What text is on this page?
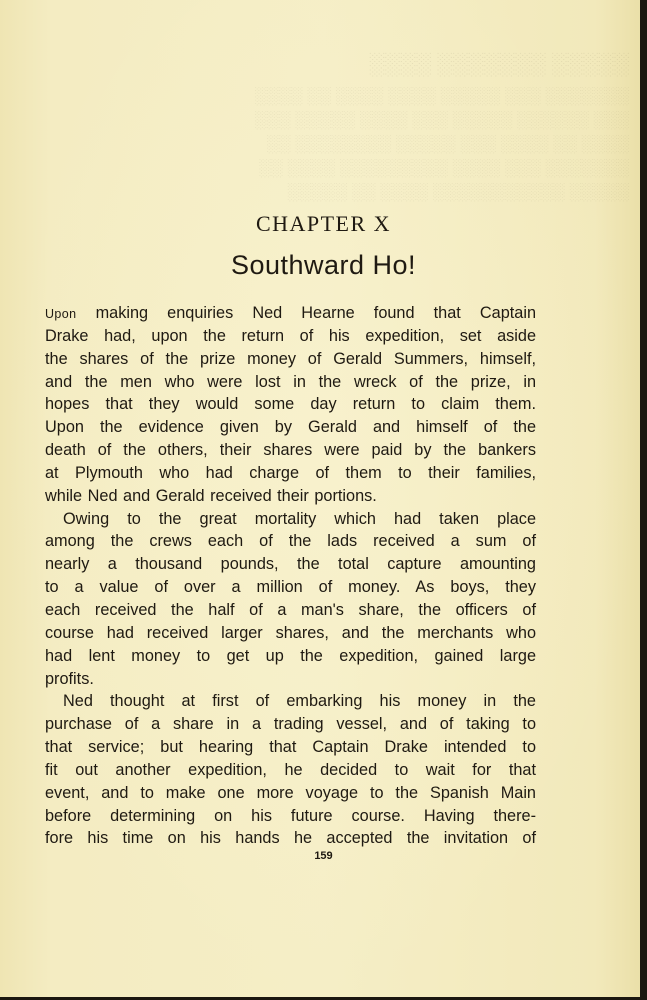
░░░░░ ░░░░░░░ ░░░░
░░░░░░░ ░░░ ░░░░░ ░░░░ ░░░░ ░░ ░░░░
░░░ ░░░░░░ ░░░░░ ░░░ ░░░░ ░░░░░ ░░░
░░░░ ░░ ░░░░ ░░░ ░░░░░ ░░░░░░░░ ░░
░░░░░░░ ░░░ ░░░░ ░░░░░░░░░ ░░░░ ░░
░░░░░ ░░░░░░░░░░░ ░░░░ ░░ ░░░░░
CHAPTER X
Southward Ho!
Upon making enquiries Ned Hearne found that Captain
Drake had, upon the return of his expedition, set aside
the shares of the prize money of Gerald Summers, himself,
and the men who were lost in the wreck of the prize, in
hopes that they would some day return to claim them.
Upon the evidence given by Gerald and himself of the
death of the others, their shares were paid by the bankers
at Plymouth who had charge of them to their families,
while Ned and Gerald received their portions.
Owing to the great mortality which had taken place
among the crews each of the lads received a sum of
nearly a thousand pounds, the total capture amounting
to a value of over a million of money. As boys, they
each received the half of a man's share, the officers of
course had received larger shares, and the merchants who
had lent money to get up the expedition, gained large
profits.
Ned thought at first of embarking his money in the
purchase of a share in a trading vessel, and of taking to
that service; but hearing that Captain Drake intended to
fit out another expedition, he decided to wait for that
event, and to make one more voyage to the Spanish Main
before determining on his future course. Having there-
fore his time on his hands he accepted the invitation of
159
